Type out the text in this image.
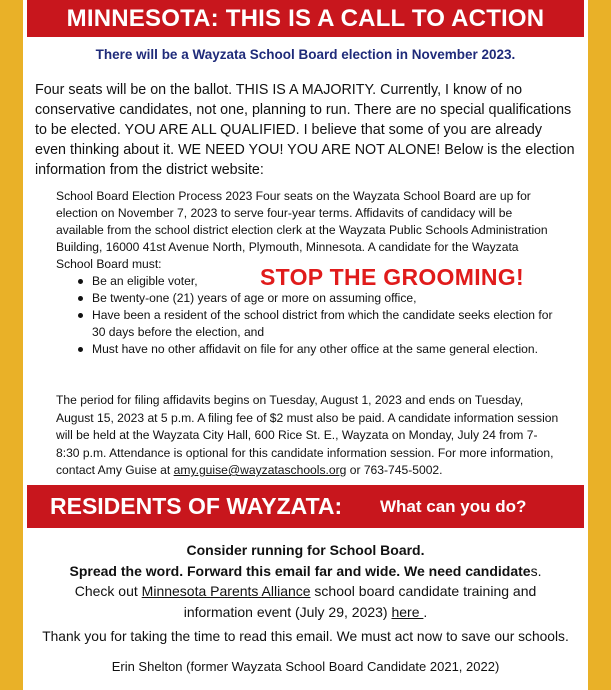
MINNESOTA: THIS IS A CALL TO ACTION
There will be a Wayzata School Board election in November 2023.
Four seats will be on the ballot. THIS IS A MAJORITY. Currently, I know of no conservative candidates, not one, planning to run. There are no special qualifications to be elected. YOU ARE ALL QUALIFIED. I believe that some of you are already even thinking about it. WE NEED YOU! YOU ARE NOT ALONE! Below is the election information from the district website:
School Board Election Process 2023 Four seats on the Wayzata School Board are up for election on November 7, 2023 to serve four-year terms. Affidavits of candidacy will be available from the school district election clerk at the Wayzata Public Schools Administration Building, 16000 41st Avenue North, Plymouth, Minnesota. A candidate for the Wayzata School Board must:
Be an eligible voter,
Be twenty-one (21) years of age or more on assuming office,
Have been a resident of the school district from which the candidate seeks election for 30 days before the election, and
Must have no other affidavit on file for any other office at the same general election.
STOP THE GROOMING!
The period for filing affidavits begins on Tuesday, August 1, 2023 and ends on Tuesday, August 15, 2023 at 5 p.m. A filing fee of $2 must also be paid. A candidate information session will be held at the Wayzata City Hall, 600 Rice St. E., Wayzata on Monday, July 24 from 7-8:30 p.m. Attendance is optional for this candidate information session. For more information, contact Amy Guise at amy.guise@wayzataschools.org or 763-745-5002.
RESIDENTS OF WAYZATA: What can you do?
Consider running for School Board.
Spread the word. Forward this email far and wide. We need candidates.
Check out Minnesota Parents Alliance school board candidate training and
information event (July 29, 2023) here .
Thank you for taking the time to read this email. We must act now to save our schools.
Erin Shelton (former Wayzata School Board Candidate 2021, 2022)
